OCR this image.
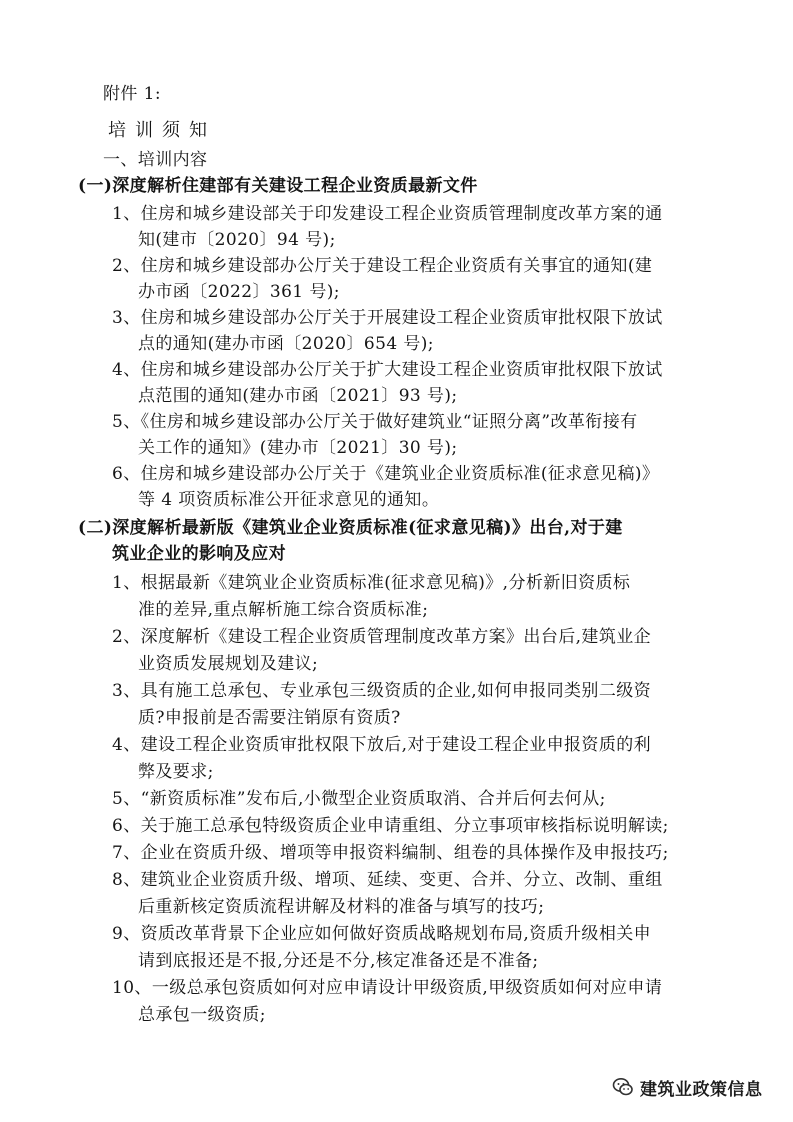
附件 1:
培训须知
一、培训内容
(一)深度解析住建部有关建设工程企业资质最新文件
1、住房和城乡建设部关于印发建设工程企业资质管理制度改革方案的通
知(建市〔2020〕94 号);
2、住房和城乡建设部办公厅关于建设工程企业资质有关事宜的通知(建
办市函〔2022〕361 号);
3、住房和城乡建设部办公厅关于开展建设工程企业资质审批权限下放试
点的通知(建办市函〔2020〕654 号);
4、住房和城乡建设部办公厅关于扩大建设工程企业资质审批权限下放试
点范围的通知(建办市函〔2021〕93 号);
5、《住房和城乡建设部办公厅关于做好建筑业“证照分离”改革衔接有
关工作的通知》(建办市〔2021〕30 号);
6、住房和城乡建设部办公厅关于《建筑业企业资质标准(征求意见稿)》
等 4 项资质标准公开征求意见的通知。
(二)深度解析最新版《建筑业企业资质标准(征求意见稿)》出台,对于建
筑业企业的影响及应对
1、根据最新《建筑业企业资质标准(征求意见稿)》,分析新旧资质标
准的差异,重点解析施工综合资质标准;
2、深度解析《建设工程企业资质管理制度改革方案》出台后,建筑业企
业资质发展规划及建议;
3、具有施工总承包、专业承包三级资质的企业,如何申报同类别二级资
质?申报前是否需要注销原有资质?
4、建设工程企业资质审批权限下放后,对于建设工程企业申报资质的利
弊及要求;
5、“新资质标准”发布后,小微型企业资质取消、合并后何去何从;
6、关于施工总承包特级资质企业申请重组、分立事项审核指标说明解读;
7、企业在资质升级、增项等申报资料编制、组卷的具体操作及申报技巧;
8、建筑业企业资质升级、增项、延续、变更、合并、分立、改制、重组
后重新核定资质流程讲解及材料的准备与填写的技巧;
9、资质改革背景下企业应如何做好资质战略规划布局,资质升级相关申
请到底报还是不报,分还是不分,核定准备还是不准备;
10、一级总承包资质如何对应申请设计甲级资质,甲级资质如何对应申请
总承包一级资质;
建筑业政策信息
